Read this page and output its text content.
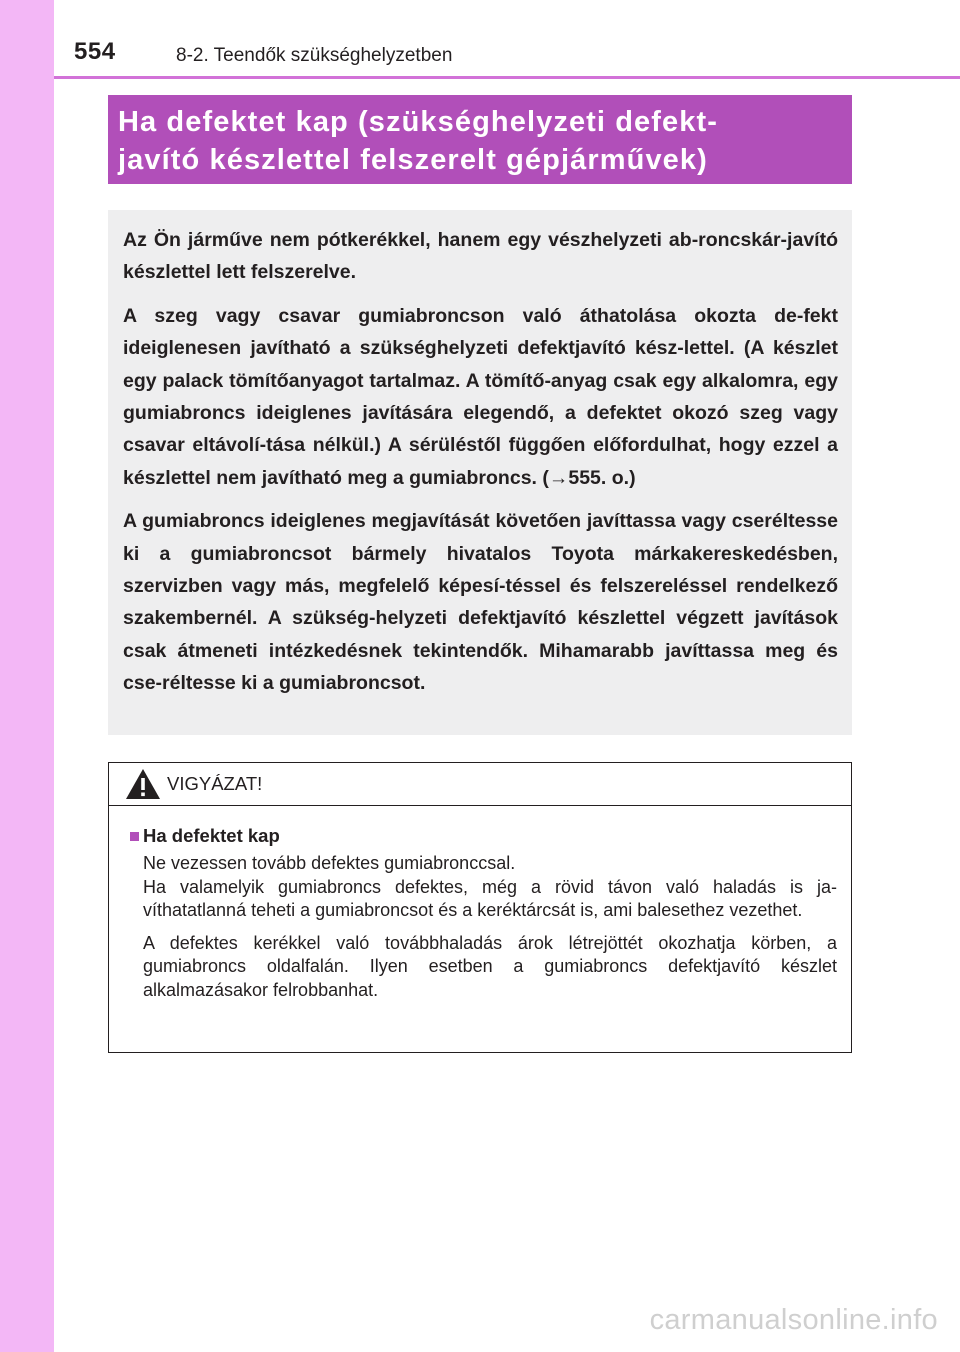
554	8-2. Teendők szükséghelyzetben
Ha defektet kap (szükséghelyzeti defekt-
javító készlettel felszerelt gépjárművek)

Az Ön járműve nem pótkerékkel, hanem egy vészhelyzeti ab-roncskár-javító készlettel lett felszerelve.

A szeg vagy csavar gumiabroncson való áthatolása okozta de-fekt ideiglenesen javítható a szükséghelyzeti defektjavító kész-lettel. (A készlet egy palack tömítőanyagot tartalmaz. A tömítő-anyag csak egy alkalomra, egy gumiabroncs ideiglenes javítására elegendő, a defektet okozó szeg vagy csavar eltávolí-tása nélkül.) A sérüléstől függően előfordulhat, hogy ezzel a készlettel nem javítható meg a gumiabroncs. (→555. o.)

A gumiabroncs ideiglenes megjavítását követően javíttassa vagy cseréltesse ki a gumiabroncsot bármely hivatalos Toyota márkakereskedésben, szervizben vagy más, megfelelő képesí-téssel és felszereléssel rendelkező szakembernél. A szükség-helyzeti defektjavító készlettel végzett javítások csak átmeneti intézkedésnek tekintendők. Mihamarabb javíttassa meg és cse-réltesse ki a gumiabroncsot.

VIGYÁZAT!
Ha defektet kap

Ne vezessen tovább defektes gumiabronccsal.
Ha valamelyik gumiabroncs defektes, még a rövid távon való haladás is ja-víthatatlanná teheti a gumiabroncsot és a keréktárcsát is, ami balesethez vezethet.

A defektes kerékkel való továbbhaladás árok létrejöttét okozhatja körben, a gumiabroncs oldalfalán. Ilyen esetben a gumiabroncs defektjavító készlet alkalmazásakor felrobbanhat.

carmanualsonline.info
